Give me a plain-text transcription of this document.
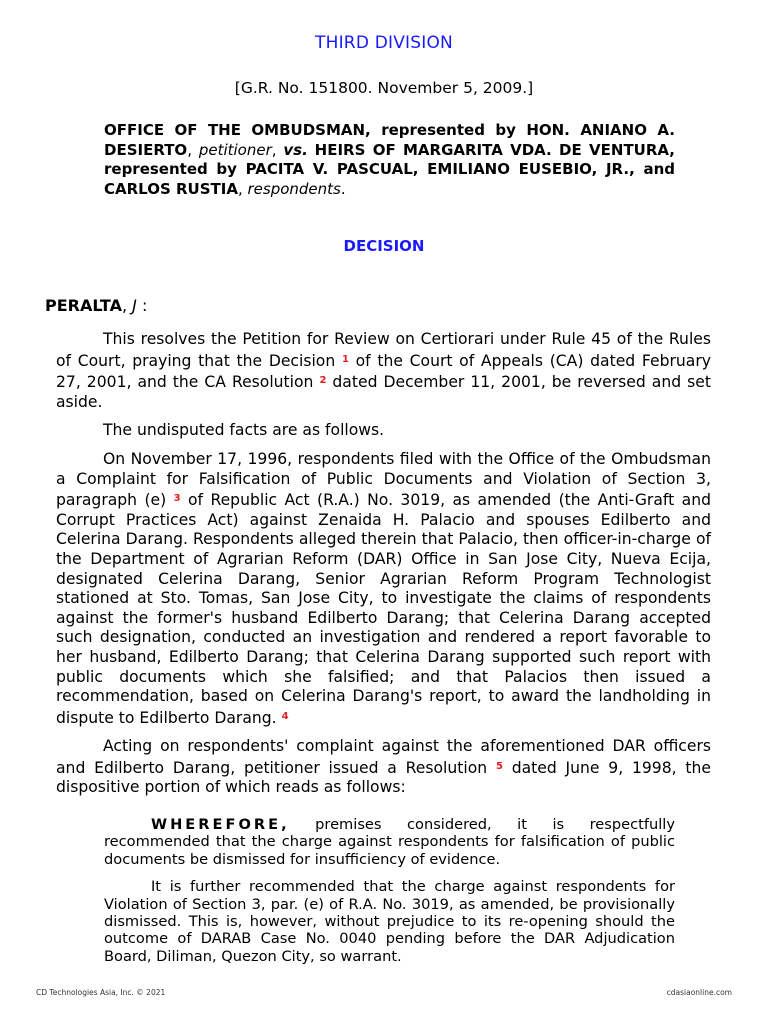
THIRD DIVISION
[G.R. No. 151800. November 5, 2009.]
OFFICE OF THE OMBUDSMAN, represented by HON. ANIANO A. DESIERTO, petitioner, vs. HEIRS OF MARGARITA VDA. DE VENTURA, represented by PACITA V. PASCUAL, EMILIANO EUSEBIO, JR., and CARLOS RUSTIA, respondents.
DECISION
PERALTA, J :

This resolves the Petition for Review on Certiorari under Rule 45 of the Rules of Court, praying that the Decision $^1$ of the Court of Appeals (CA) dated February 27, 2001, and the CA Resolution $^2$ dated December 11, 2001, be reversed and set aside.

The undisputed facts are as follows.

On November 17, 1996, respondents filed with the Office of the Ombudsman a Complaint for Falsification of Public Documents and Violation of Section 3, paragraph (e) $^3$ of Republic Act (R.A.) No. 3019, as amended (the Anti-Graft and Corrupt Practices Act) against Zenaida H. Palacio and spouses Edilberto and Celerina Darang. Respondents alleged therein that Palacio, then officer-in-charge of the Department of Agrarian Reform (DAR) Office in San Jose City, Nueva Ecija, designated Celerina Darang, Senior Agrarian Reform Program Technologist stationed at Sto. Tomas, San Jose City, to investigate the claims of respondents against the former's husband Edilberto Darang; that Celerina Darang accepted such designation, conducted an investigation and rendered a report favorable to her husband, Edilberto Darang; that Celerina Darang supported such report with public documents which she falsified; and that Palacios then issued a recommendation, based on Celerina Darang's report, to award the landholding in dispute to Edilberto Darang. $^4$

Acting on respondents' complaint against the aforementioned DAR officers and Edilberto Darang, petitioner issued a Resolution $^5$ dated June 9, 1998, the dispositive portion of which reads as follows:

WHEREFORE, premises considered, it is respectfully recommended that the charge against respondents for falsification of public documents be dismissed for insufficiency of evidence.

It is further recommended that the charge against respondents for Violation of Section 3, par. (e) of R.A. No. 3019, as amended, be provisionally dismissed. This is, however, without prejudice to its re-opening should the outcome of DARAB Case No. 0040 pending before the DAR Adjudication Board, Diliman, Quezon City, so warrant.

CD Technologies Asia, Inc. © 2021	cdasiaonline.com
